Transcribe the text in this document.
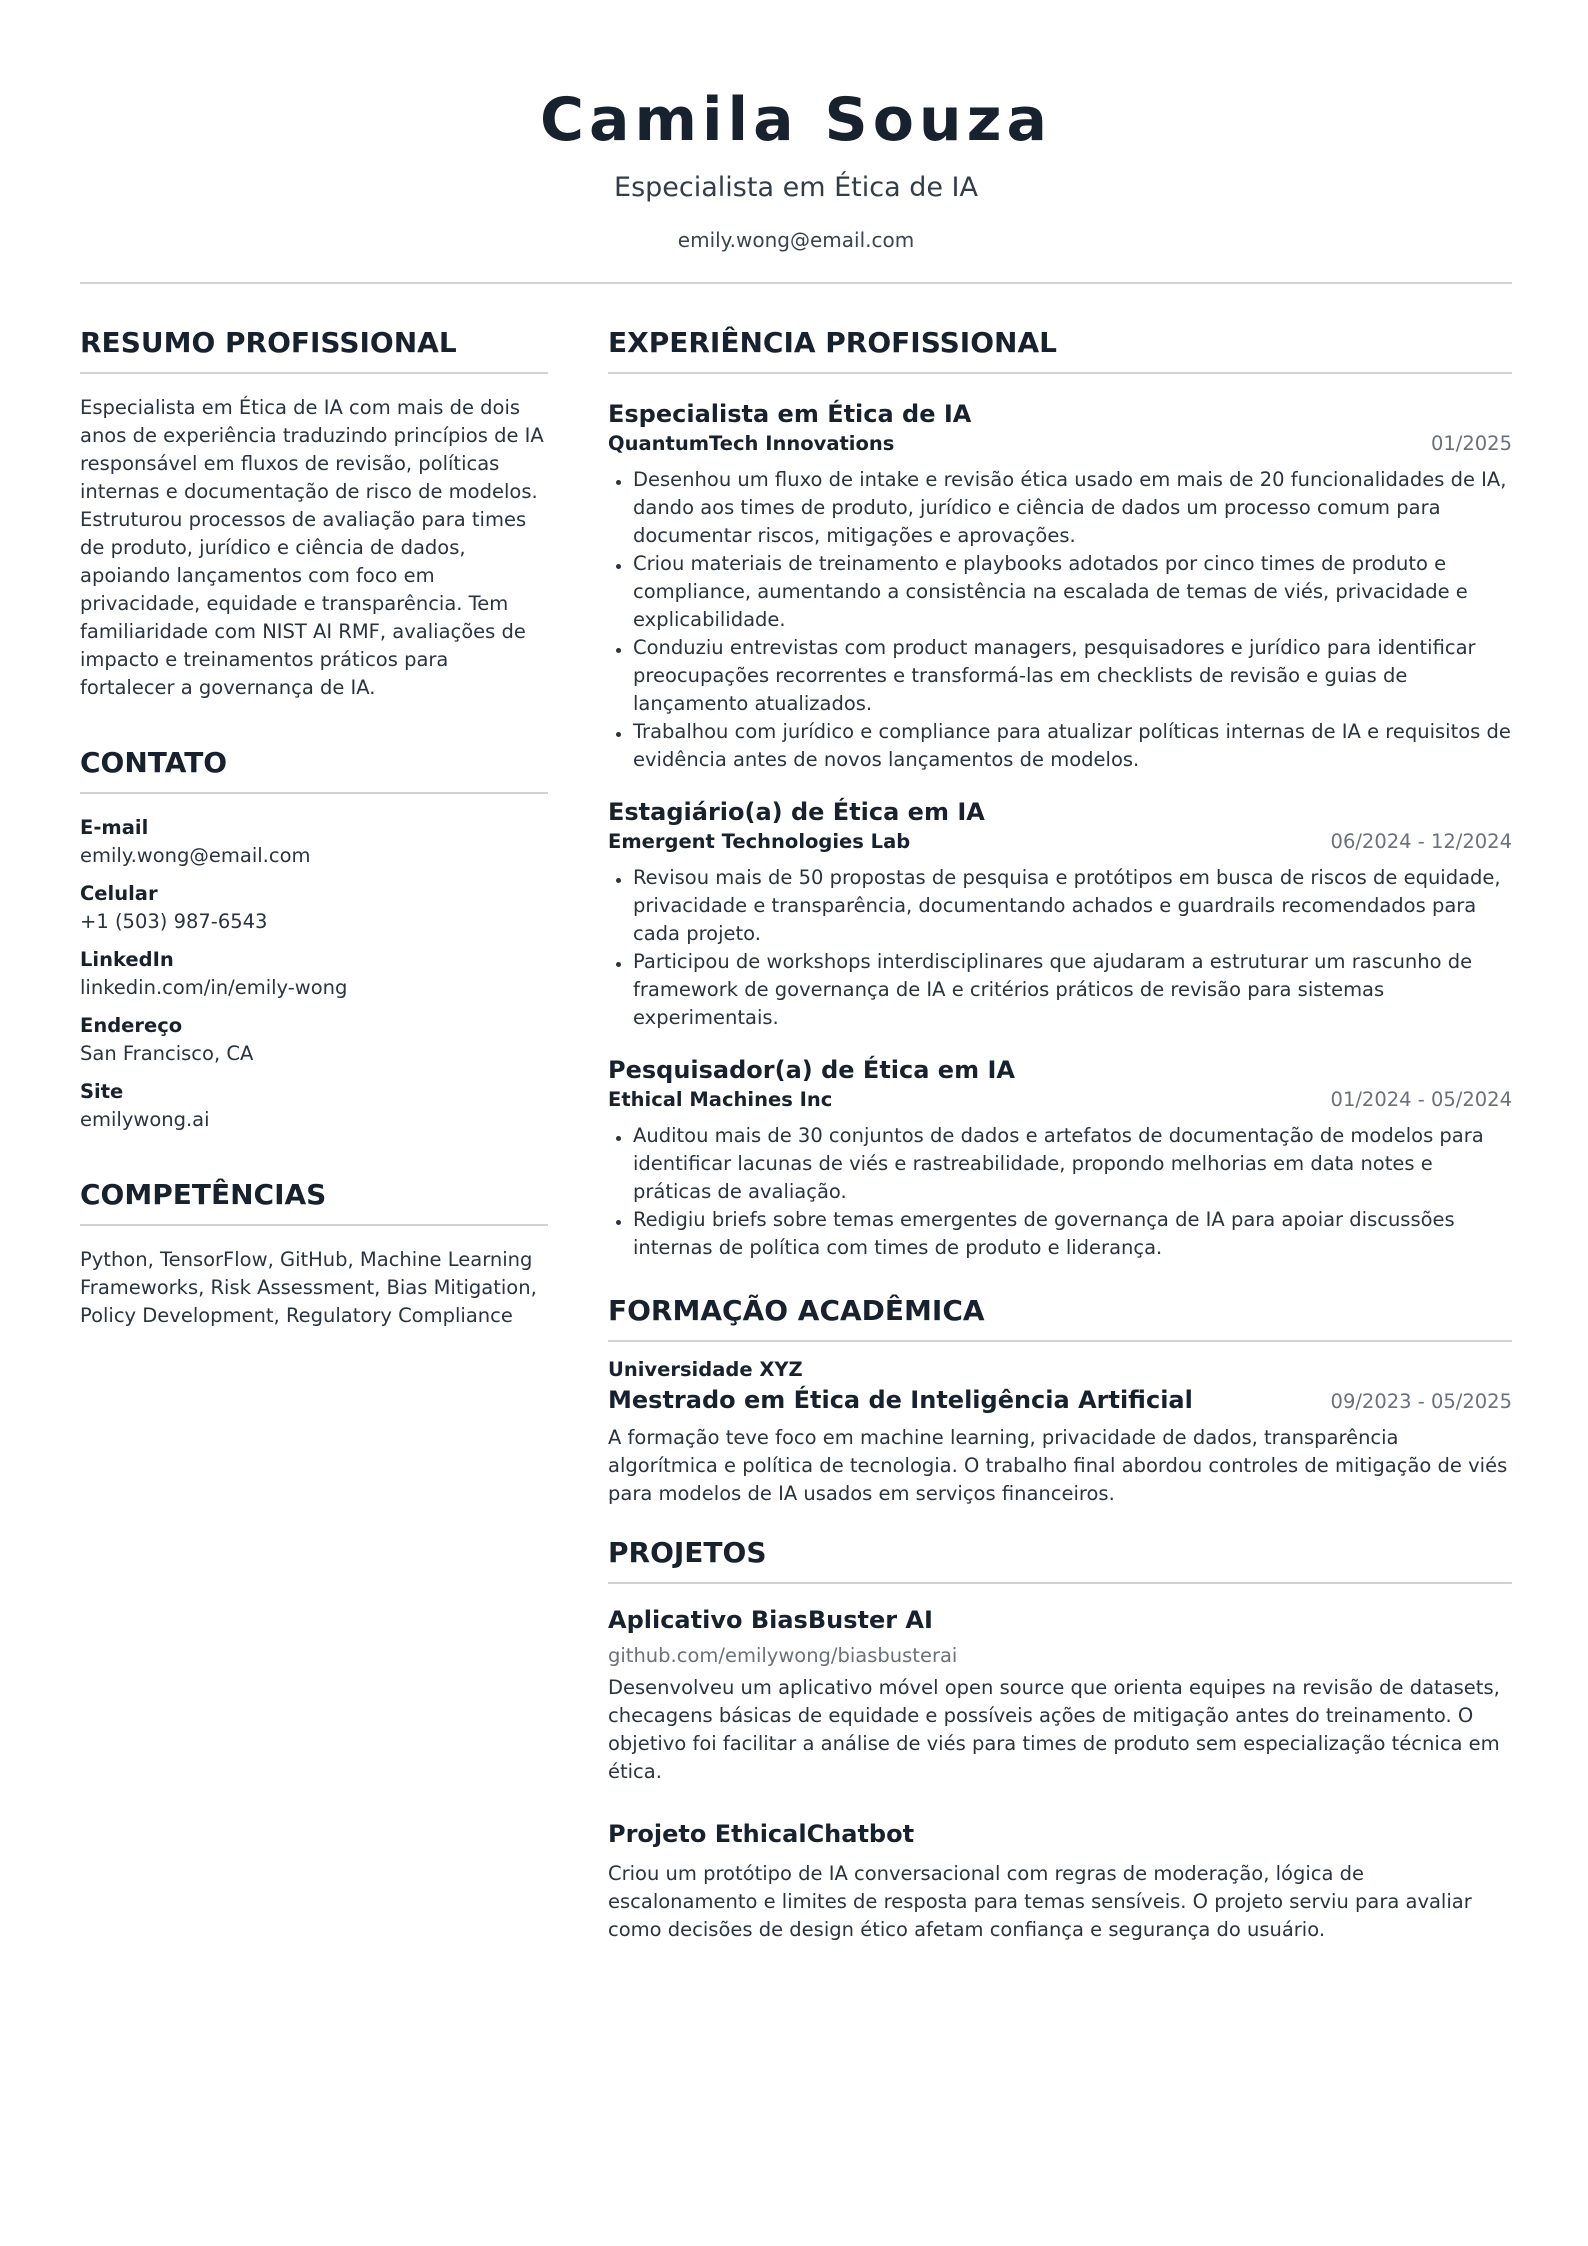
Camila Souza
Especialista em Ética de IA
emily.wong@email.com
RESUMO PROFISSIONAL

Especialista em Ética de IA com mais de dois anos de experiência traduzindo princípios de IA responsável em fluxos de revisão, políticas internas e documentação de risco de modelos. Estruturou processos de avaliação para times de produto, jurídico e ciência de dados, apoiando lançamentos com foco em privacidade, equidade e transparência. Tem familiaridade com NIST AI RMF, avaliações de impacto e treinamentos práticos para fortalecer a governança de IA.

CONTATO
E-mail
emily.wong@email.com
Celular
+1 (503) 987-6543
LinkedIn
linkedin.com/in/emily-wong
Endereço
San Francisco, CA
Site
emilywong.ai
COMPETÊNCIAS

Python, TensorFlow, GitHub, Machine Learning Frameworks, Risk Assessment, Bias Mitigation, Policy Development, Regulatory Compliance

EXPERIÊNCIA PROFISSIONAL
Especialista em Ética de IA
QuantumTech Innovations	01/2025
Desenhou um fluxo de intake e revisão ética usado em mais de 20 funcionalidades de IA, dando aos times de produto, jurídico e ciência de dados um processo comum para documentar riscos, mitigações e aprovações.
Criou materiais de treinamento e playbooks adotados por cinco times de produto e compliance, aumentando a consistência na escalada de temas de viés, privacidade e explicabilidade.
Conduziu entrevistas com product managers, pesquisadores e jurídico para identificar preocupações recorrentes e transformá-las em checklists de revisão e guias de lançamento atualizados.
Trabalhou com jurídico e compliance para atualizar políticas internas de IA e requisitos de evidência antes de novos lançamentos de modelos.
Estagiário(a) de Ética em IA
Emergent Technologies Lab	06/2024 - 12/2024
Revisou mais de 50 propostas de pesquisa e protótipos em busca de riscos de equidade, privacidade e transparência, documentando achados e guardrails recomendados para cada projeto.
Participou de workshops interdisciplinares que ajudaram a estruturar um rascunho de framework de governança de IA e critérios práticos de revisão para sistemas experimentais.
Pesquisador(a) de Ética em IA
Ethical Machines Inc	01/2024 - 05/2024
Auditou mais de 30 conjuntos de dados e artefatos de documentação de modelos para identificar lacunas de viés e rastreabilidade, propondo melhorias em data notes e práticas de avaliação.
Redigiu briefs sobre temas emergentes de governança de IA para apoiar discussões internas de política com times de produto e liderança.
FORMAÇÃO ACADÊMICA
Universidade XYZ
Mestrado em Ética de Inteligência Artificial	09/2023 - 05/2025

A formação teve foco em machine learning, privacidade de dados, transparência algorítmica e política de tecnologia. O trabalho final abordou controles de mitigação de viés para modelos de IA usados em serviços financeiros.

PROJETOS
Aplicativo BiasBuster AI
github.com/emilywong/biasbusterai

Desenvolveu um aplicativo móvel open source que orienta equipes na revisão de datasets, checagens básicas de equidade e possíveis ações de mitigação antes do treinamento. O objetivo foi facilitar a análise de viés para times de produto sem especialização técnica em ética.

Projeto EthicalChatbot

Criou um protótipo de IA conversacional com regras de moderação, lógica de escalonamento e limites de resposta para temas sensíveis. O projeto serviu para avaliar como decisões de design ético afetam confiança e segurança do usuário.
